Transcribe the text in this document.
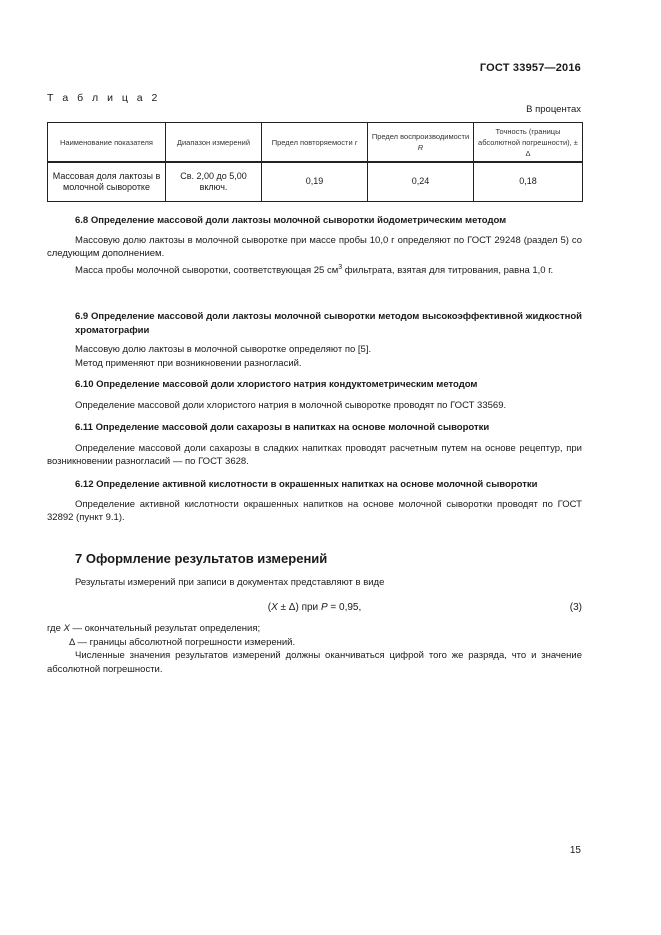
ГОСТ 33957—2016
Т а б л и ц а 2
В процентах
Наименование показателя	Диапазон измерений	Предел повторяемости r	Предел воспроизводимости R	Точность (границы абсолютной погрешности), ± Δ
Массовая доля лактозы в молочной сыворотке	Св. 2,00 до 5,00 включ.	0,19	0,24	0,18

6.8 Определение массовой доли лактозы молочной сыворотки йодометрическим методом

Массовую долю лактозы в молочной сыворотке при массе пробы 10,0 г определяют по ГОСТ 29248 (раздел 5) со следующим дополнением.

Масса пробы молочной сыворотки, соответствующая 25 $см^3$ фильтрата, взятая для титрования, равна 1,0 г.

6.9 Определение массовой доли лактозы молочной сыворотки методом высокоэффективной жидкостной хроматографии

Массовую долю лактозы в молочной сыворотке определяют по [5].

Метод применяют при возникновении разногласий.

6.10 Определение массовой доли хлористого натрия кондуктометрическим методом

Определение массовой доли хлористого натрия в молочной сыворотке проводят по ГОСТ 33569.

6.11 Определение массовой доли сахарозы в напитках на основе молочной сыворотки

Определение массовой доли сахарозы в сладких напитках проводят расчетным путем на основе рецептур, при возникновении разногласий — по ГОСТ 3628.

6.12 Определение активной кислотности в окрашенных напитках на основе молочной сыворотки

Определение активной кислотности окрашенных напитков на основе молочной сыворотки проводят по ГОСТ 32892 (пункт 9.1).

7 Оформление результатов измерений

Результаты измерений при записи в документах представляют в виде

(X ± Δ) при P = 0,95,	(3)

где X — окончательный результат определения;

Δ — границы абсолютной погрешности измерений.

Численные значения результатов измерений должны оканчиваться цифрой того же разряда, что и значение абсолютной погрешности.

15
